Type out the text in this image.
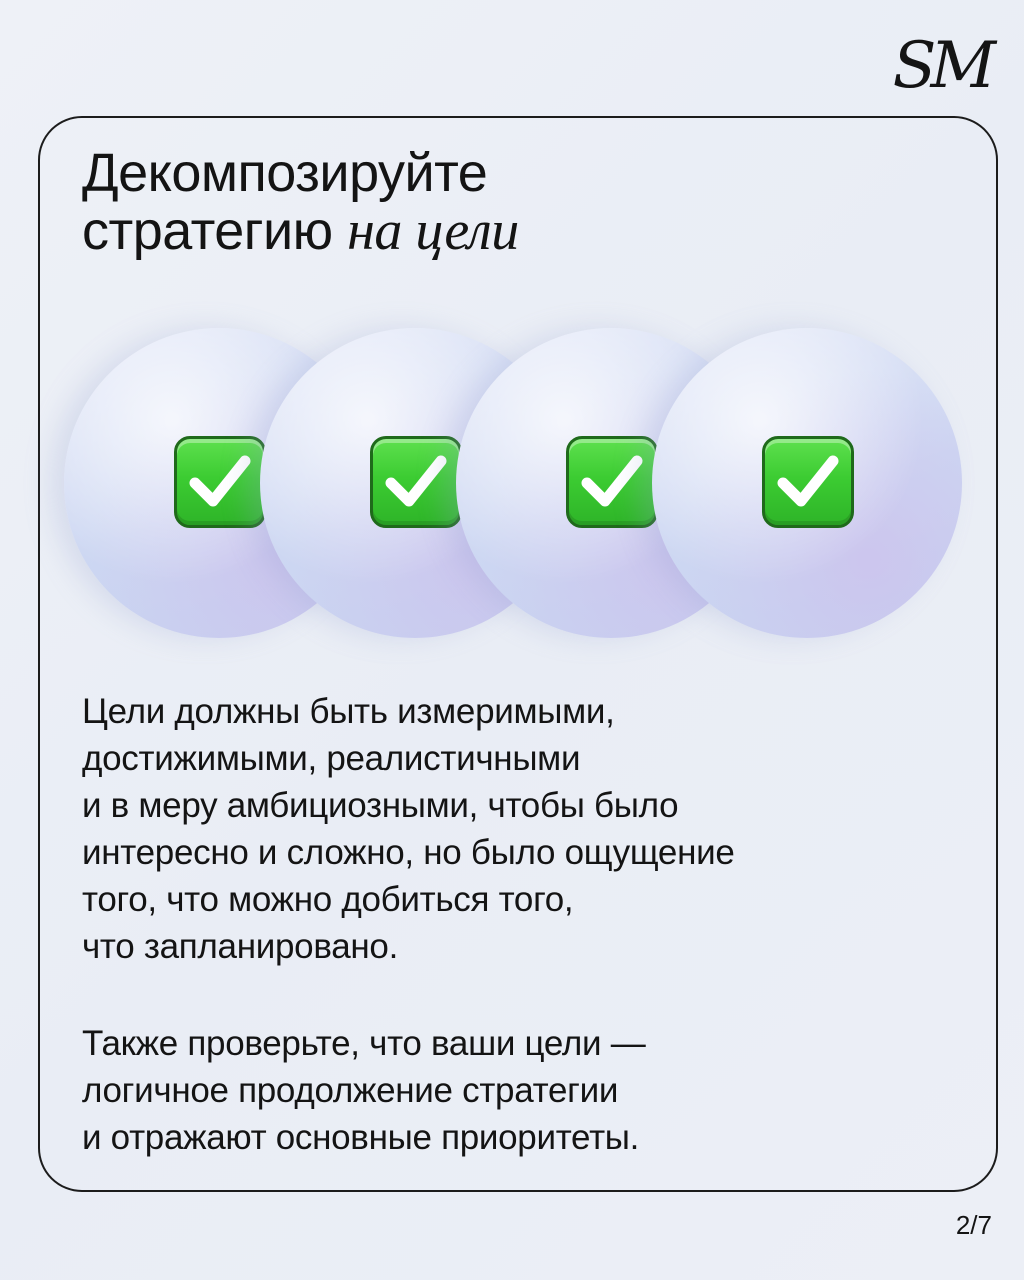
SM
Декомпозируйте
стратегию на цели

Цели должны быть измеримыми,
достижимыми, реалистичными
и в меру амбициозными, чтобы было
интересно и сложно, но было ощущение
того, что можно добиться того,
что запланировано.

Также проверьте, что ваши цели —
логичное продолжение стратегии
и отражают основные приоритеты.

2/7
